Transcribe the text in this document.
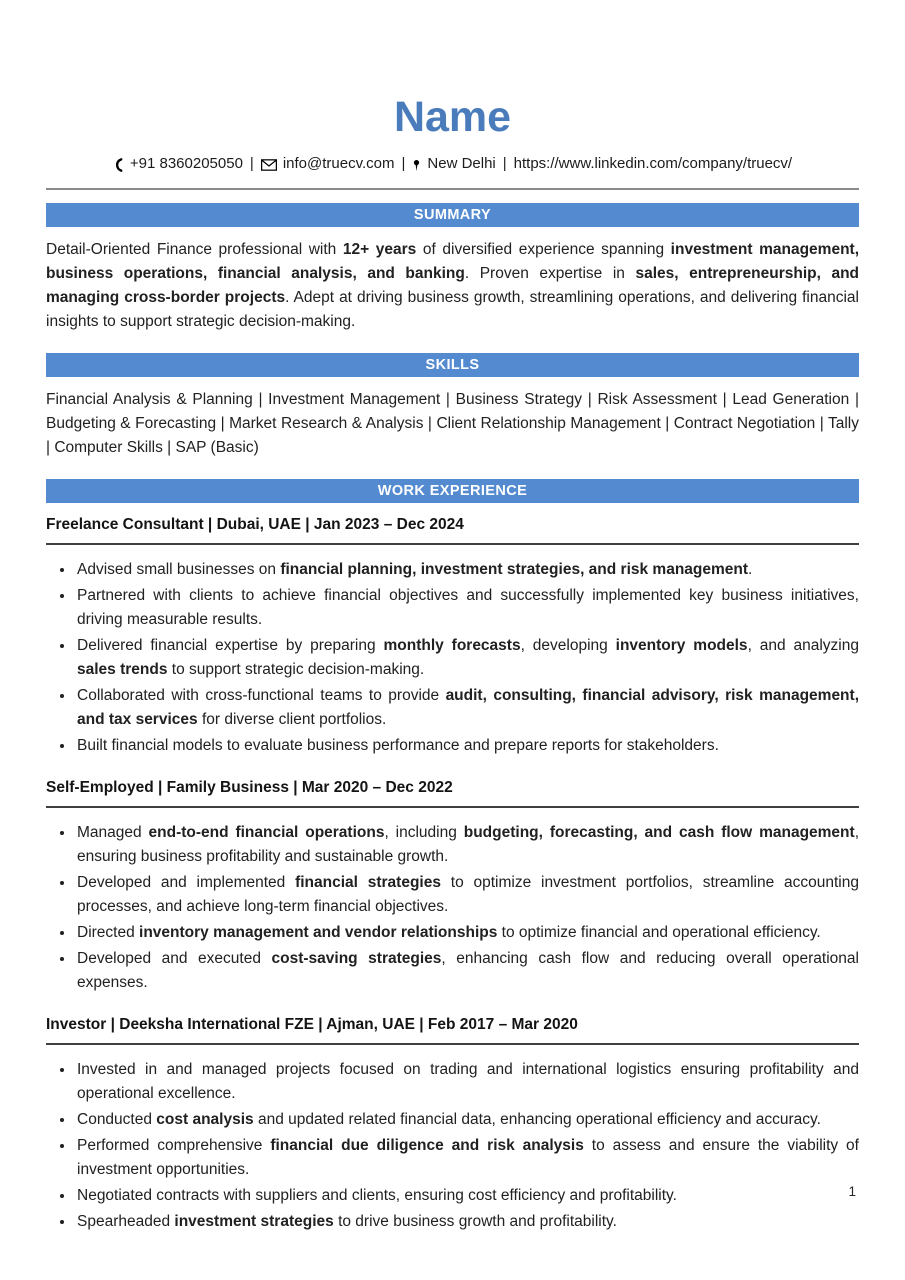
Name
+91 8360205050 | info@truecv.com | New Delhi | https://www.linkedin.com/company/truecv/
SUMMARY

Detail-Oriented Finance professional with 12+ years of diversified experience spanning investment management, business operations, financial analysis, and banking. Proven expertise in sales, entrepreneurship, and managing cross-border projects. Adept at driving business growth, streamlining operations, and delivering financial insights to support strategic decision-making.

SKILLS

Financial Analysis & Planning | Investment Management | Business Strategy | Risk Assessment | Lead Generation | Budgeting & Forecasting | Market Research & Analysis | Client Relationship Management | Contract Negotiation | Tally | Computer Skills | SAP (Basic)

WORK EXPERIENCE
Freelance Consultant | Dubai, UAE | Jan 2023 – Dec 2024
• Advised small businesses on financial planning, investment strategies, and risk management.
• Partnered with clients to achieve financial objectives and successfully implemented key business initiatives, driving measurable results.
• Delivered financial expertise by preparing monthly forecasts, developing inventory models, and analyzing sales trends to support strategic decision-making.
• Collaborated with cross-functional teams to provide audit, consulting, financial advisory, risk management, and tax services for diverse client portfolios.
• Built financial models to evaluate business performance and prepare reports for stakeholders.
Self-Employed | Family Business | Mar 2020 – Dec 2022
• Managed end-to-end financial operations, including budgeting, forecasting, and cash flow management, ensuring business profitability and sustainable growth.
• Developed and implemented financial strategies to optimize investment portfolios, streamline accounting processes, and achieve long-term financial objectives.
• Directed inventory management and vendor relationships to optimize financial and operational efficiency.
• Developed and executed cost-saving strategies, enhancing cash flow and reducing overall operational expenses.
Investor | Deeksha International FZE | Ajman, UAE | Feb 2017 – Mar 2020
• Invested in and managed projects focused on trading and international logistics ensuring profitability and operational excellence.
• Conducted cost analysis and updated related financial data, enhancing operational efficiency and accuracy.
• Performed comprehensive financial due diligence and risk analysis to assess and ensure the viability of investment opportunities.
• Negotiated contracts with suppliers and clients, ensuring cost efficiency and profitability.
• Spearheaded investment strategies to drive business growth and profitability.
1
